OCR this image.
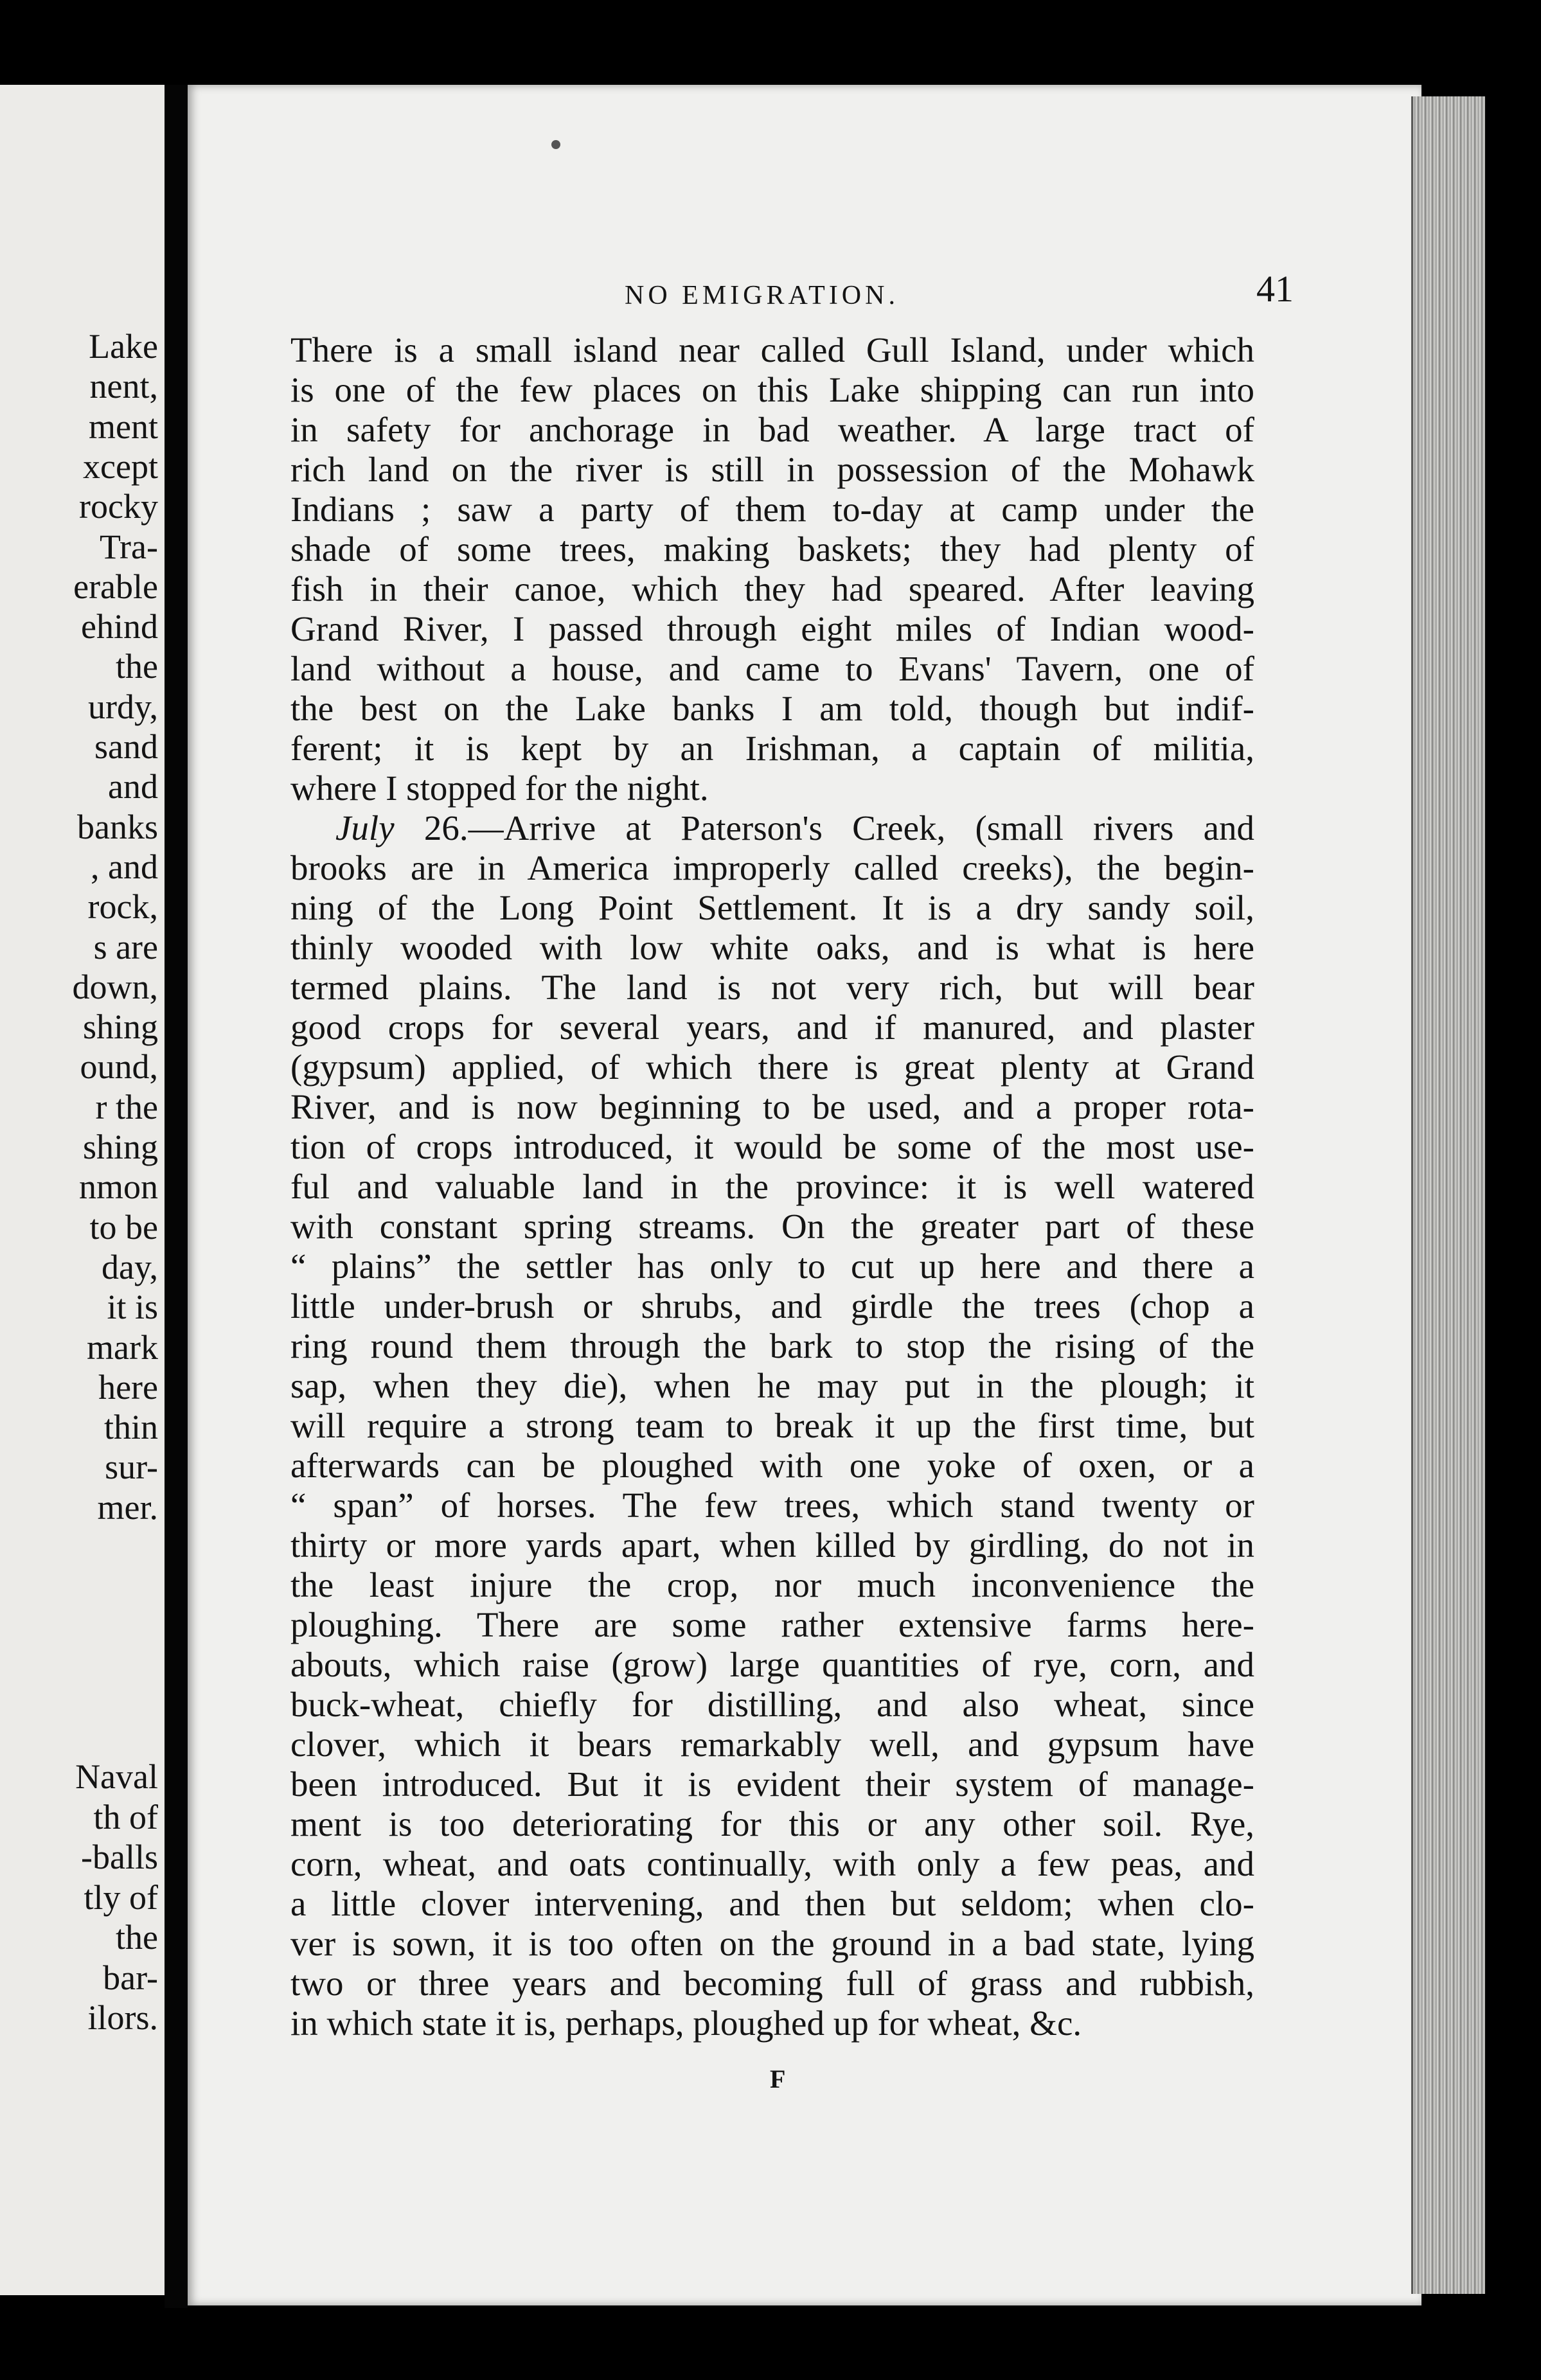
Lake
nent,
ment
xcept
rocky
Tra-
erable
ehind
the
urdy,
sand
and
banks
, and
rock,
s are
down,
shing
ound,
r the
shing
nmon
to be
day,
it is
mark
here
thin
sur-
mer.
Naval
th of
-balls
tly of
the
bar-
ilors.
NO EMIGRATION.	41
There is a small island near called Gull Island, under which
is one of the few places on this Lake shipping can run into
in safety for anchorage in bad weather. A large tract of
rich land on the river is still in possession of the Mohawk
Indians ; saw a party of them to-day at camp under the
shade of some trees, making baskets; they had plenty of
fish in their canoe, which they had speared. After leaving
Grand River, I passed through eight miles of Indian wood-
land without a house, and came to Evans' Tavern, one of
the best on the Lake banks I am told, though but indif-
ferent; it is kept by an Irishman, a captain of militia,
where I stopped for the night.
July 26.—Arrive at Paterson's Creek, (small rivers and
brooks are in America improperly called creeks), the begin-
ning of the Long Point Settlement. It is a dry sandy soil,
thinly wooded with low white oaks, and is what is here
termed plains. The land is not very rich, but will bear
good crops for several years, and if manured, and plaster
(gypsum) applied, of which there is great plenty at Grand
River, and is now beginning to be used, and a proper rota-
tion of crops introduced, it would be some of the most use-
ful and valuable land in the province: it is well watered
with constant spring streams. On the greater part of these
“ plains” the settler has only to cut up here and there a
little under-brush or shrubs, and girdle the trees (chop a
ring round them through the bark to stop the rising of the
sap, when they die), when he may put in the plough; it
will require a strong team to break it up the first time, but
afterwards can be ploughed with one yoke of oxen, or a
“ span” of horses. The few trees, which stand twenty or
thirty or more yards apart, when killed by girdling, do not in
the least injure the crop, nor much inconvenience the
ploughing. There are some rather extensive farms here-
abouts, which raise (grow) large quantities of rye, corn, and
buck-wheat, chiefly for distilling, and also wheat, since
clover, which it bears remarkably well, and gypsum have
been introduced. But it is evident their system of manage-
ment is too deteriorating for this or any other soil. Rye,
corn, wheat, and oats continually, with only a few peas, and
a little clover intervening, and then but seldom; when clo-
ver is sown, it is too often on the ground in a bad state, lying
two or three years and becoming full of grass and rubbish,
in which state it is, perhaps, ploughed up for wheat, &c.
F
